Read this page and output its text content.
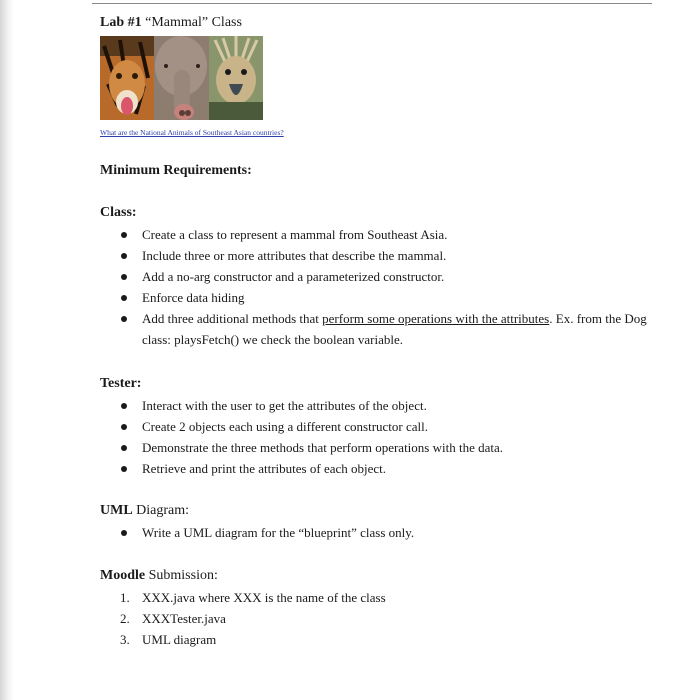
Lab #1 “Mammal” Class
What are the National Animals of Southeast Asian countries?
Minimum Requirements:
Class:
Create a class to represent a mammal from Southeast Asia.
Include three or more attributes that describe the mammal.
Add a no-arg constructor and a parameterized constructor.
Enforce data hiding
Add three additional methods that perform some operations with the attributes. Ex. from the Dog class: playsFetch() we check the boolean variable.
Tester:
Interact with the user to get the attributes of the object.
Create 2 objects each using a different constructor call.
Demonstrate the three methods that perform operations with the data.
Retrieve and print the attributes of each object.
UML Diagram:
Write a UML diagram for the “blueprint” class only.
Moodle Submission:
1. XXX.java where XXX is the name of the class
2. XXXTester.java
3. UML diagram
